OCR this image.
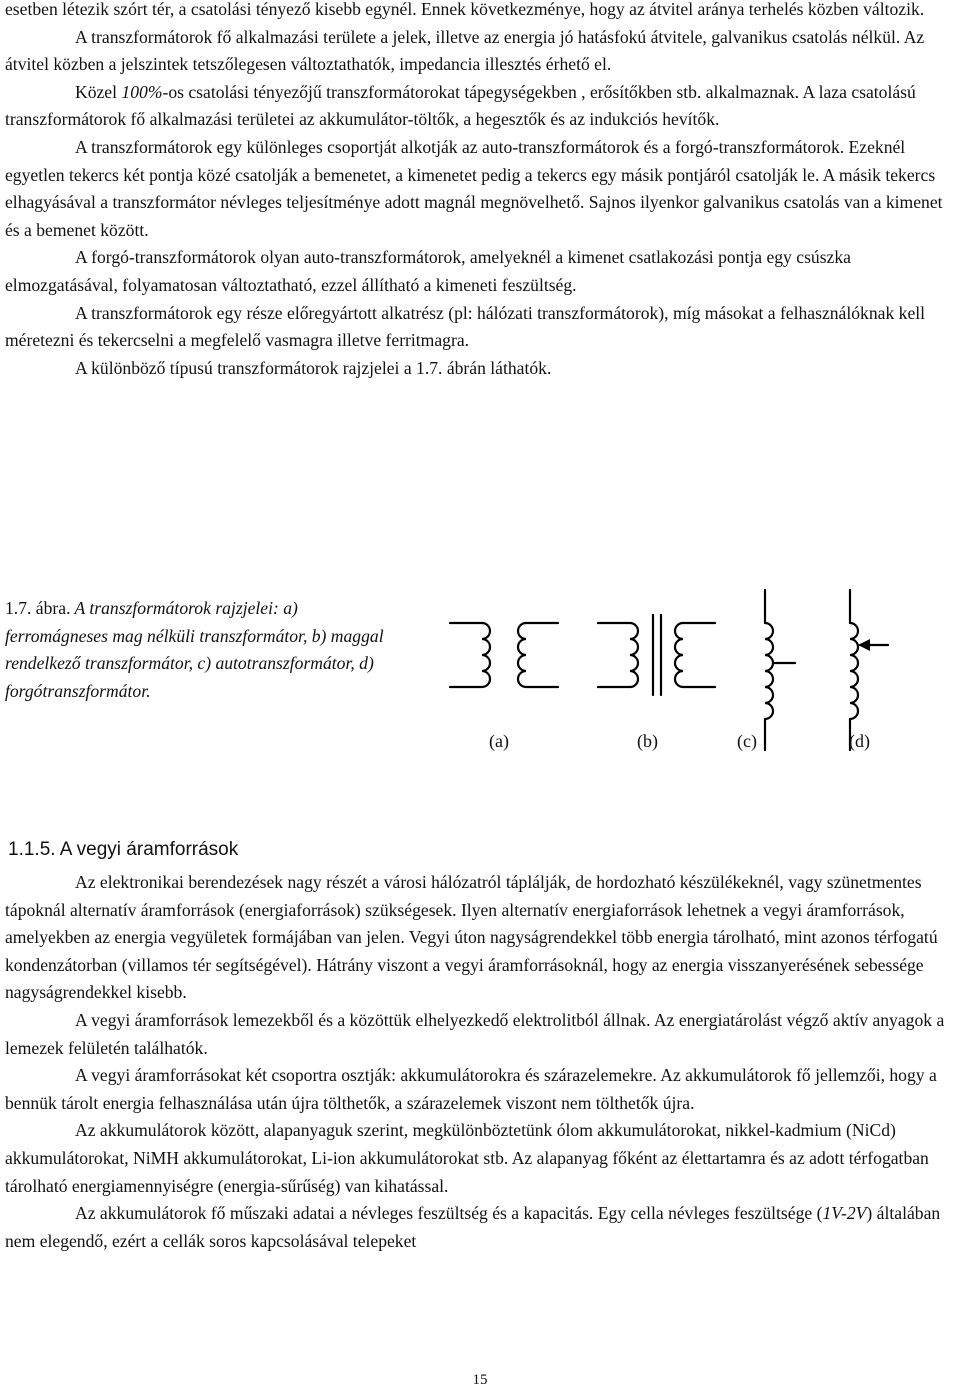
esetben létezik szórt tér, a csatolási tényező kisebb egynél. Ennek következménye, hogy az átvitel aránya terhelés közben változik.

A transzformátorok fő alkalmazási területe a jelek, illetve az energia jó hatásfokú átvitele, galvanikus csatolás nélkül. Az átvitel közben a jelszintek tetszőlegesen változtathatók, impedancia illesztés érhető el.

Közel 100%-os csatolási tényezőjű transzformátorokat tápegységekben , erősítőkben stb. alkalmaznak. A laza csatolású transzformátorok fő alkalmazási területei az akkumulátor-töltők, a hegesztők és az indukciós hevítők.

A transzformátorok egy különleges csoportját alkotják az auto-transzformátorok és a forgó-transzformátorok. Ezeknél egyetlen tekercs két pontja közé csatolják a bemenetet, a kimenetet pedig a tekercs egy másik pontjáról csatolják le. A másik tekercs elhagyásával a transzformátor névleges teljesítménye adott magnál megnövelhető. Sajnos ilyenkor galvanikus csatolás van a kimenet és a bemenet között.

A forgó-transzformátorok olyan auto-transzformátorok, amelyeknél a kimenet csatlakozási pontja egy csúszka elmozgatásával, folyamatosan változtatható, ezzel állítható a kimeneti feszültség.

A transzformátorok egy része előregyártott alkatrész (pl: hálózati transzformátorok), míg másokat a felhasználóknak kell méretezni és tekercselni a megfelelő vasmagra illetve ferritmagra.

A különböző típusú transzformátorok rajzjelei a 1.7. ábrán láthatók.

1.7. ábra. A transzformátorok rajzjelei: a) ferromágneses mag nélküli transzformátor, b) maggal rendelkező transzformátor, c) autotranszformátor, d) forgótranszformátor.
(a)	(b)	(c)	(d)
1.1.5. A vegyi áramforrások

Az elektronikai berendezések nagy részét a városi hálózatról táplálják, de hordozható készülékeknél, vagy szünetmentes tápoknál alternatív áramforrások (energiaforrások) szükségesek. Ilyen alternatív energiaforrások lehetnek a vegyi áramforrások, amelyekben az energia vegyületek formájában van jelen. Vegyi úton nagyságrendekkel több energia tárolható, mint azonos térfogatú kondenzátorban (villamos tér segítségével). Hátrány viszont a vegyi áramforrásoknál, hogy az energia visszanyerésének sebessége nagyságrendekkel kisebb.

A vegyi áramforrások lemezekből és a közöttük elhelyezkedő elektrolitból állnak. Az energiatárolást végző aktív anyagok a lemezek felületén találhatók.

A vegyi áramforrásokat két csoportra osztják: akkumulátorokra és szárazelemekre. Az akkumulátorok fő jellemzői, hogy a bennük tárolt energia felhasználása után újra tölthetők, a szárazelemek viszont nem tölthetők újra.

Az akkumulátorok között, alapanyaguk szerint, megkülönböztetünk ólom akkumulátorokat, nikkel-kadmium (NiCd) akkumulátorokat, NiMH akkumulátorokat, Li-ion akkumulátorokat stb. Az alapanyag főként az élettartamra és az adott térfogatban tárolható energiamennyiségre (energia-sűrűség) van kihatással.

Az akkumulátorok fő műszaki adatai a névleges feszültség és a kapacitás. Egy cella névleges feszültsége (1V-2V) általában nem elegendő, ezért a cellák soros kapcsolásával telepeket

15
